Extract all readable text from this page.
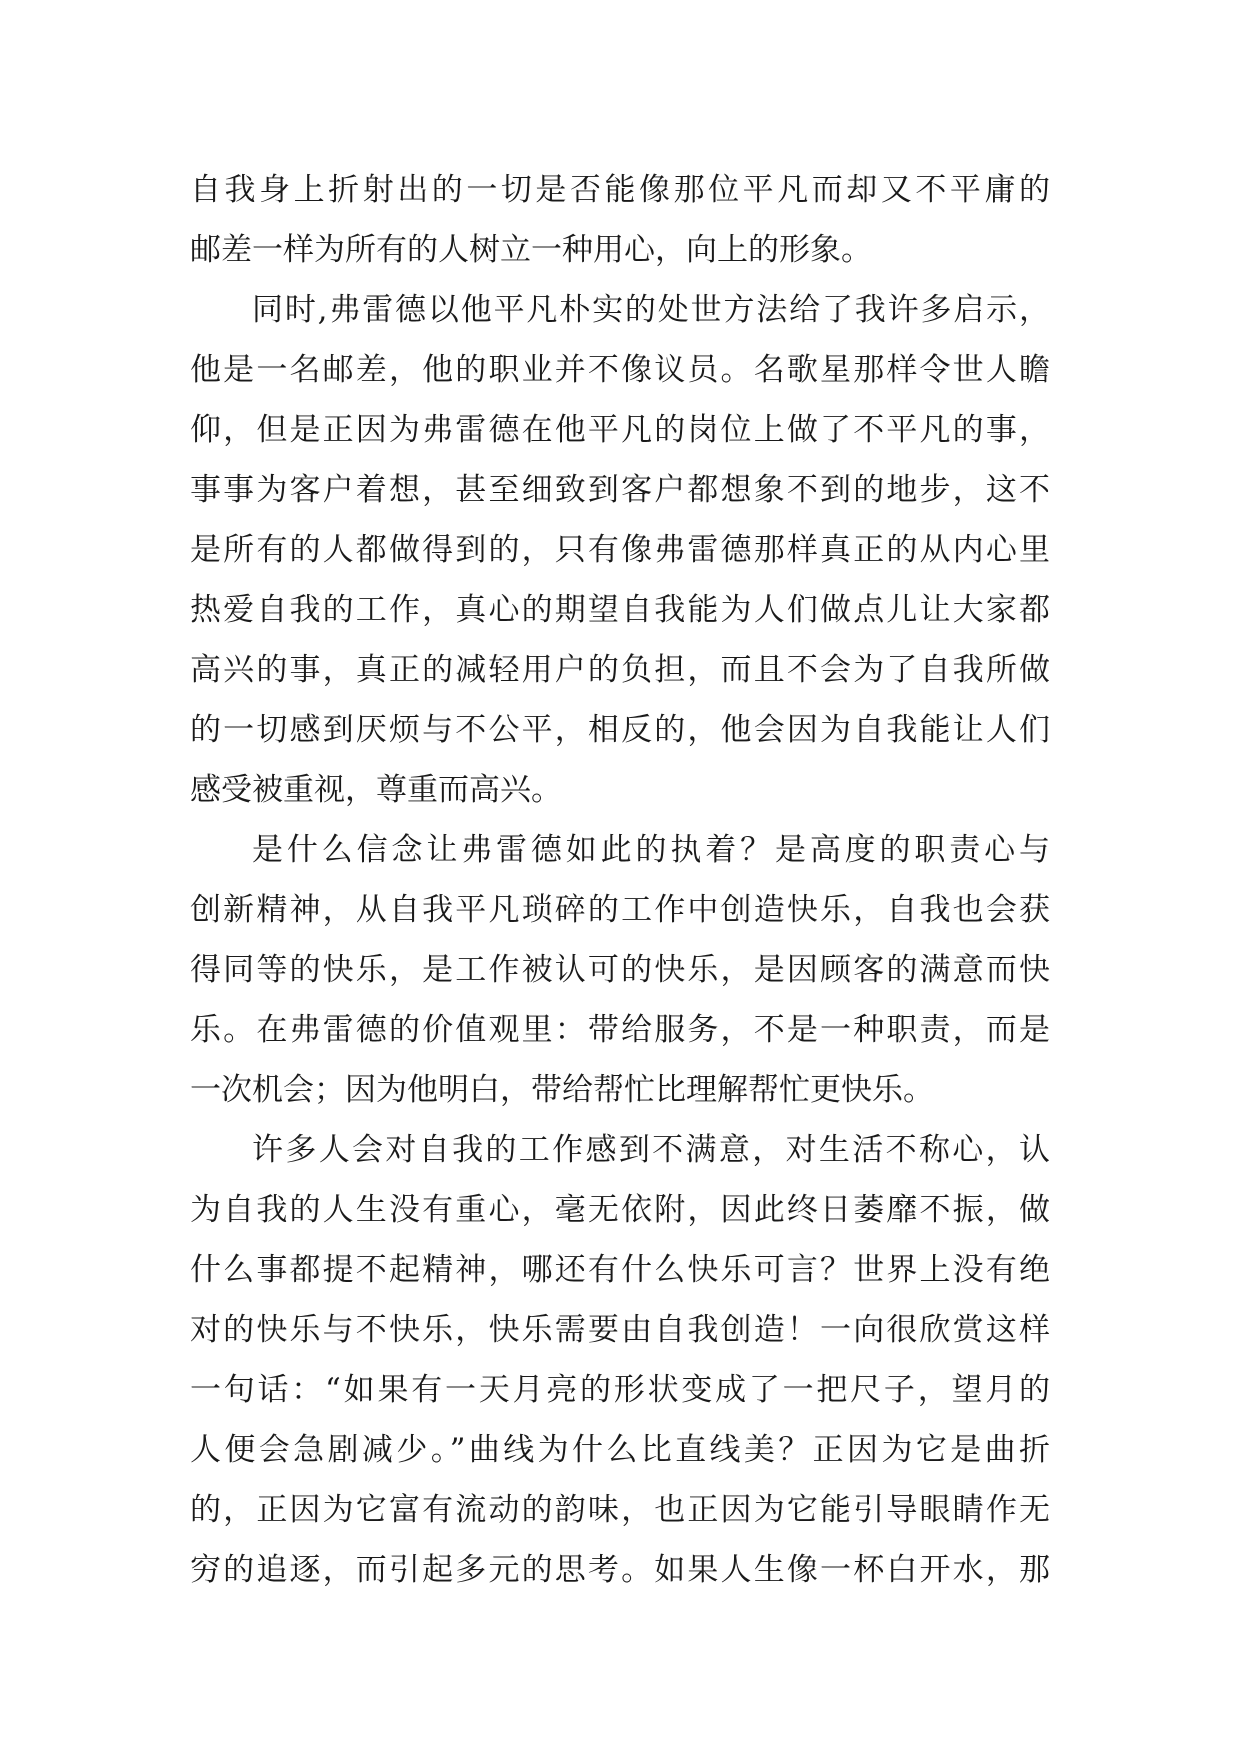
自我身上折射出的一切是否能像那位平凡而却又不平庸的
邮差一样为所有的人树立一种用心，向上的形象。
同时,弗雷德以他平凡朴实的处世方法给了我许多启示，
他是一名邮差，他的职业并不像议员。名歌星那样令世人瞻
仰，但是正因为弗雷德在他平凡的岗位上做了不平凡的事，
事事为客户着想，甚至细致到客户都想象不到的地步，这不
是所有的人都做得到的，只有像弗雷德那样真正的从内心里
热爱自我的工作，真心的期望自我能为人们做点儿让大家都
高兴的事，真正的减轻用户的负担，而且不会为了自我所做
的一切感到厌烦与不公平，相反的，他会因为自我能让人们
感受被重视，尊重而高兴。
是什么信念让弗雷德如此的执着？是高度的职责心与
创新精神，从自我平凡琐碎的工作中创造快乐，自我也会获
得同等的快乐，是工作被认可的快乐，是因顾客的满意而快
乐。在弗雷德的价值观里：带给服务，不是一种职责，而是
一次机会；因为他明白，带给帮忙比理解帮忙更快乐。
许多人会对自我的工作感到不满意，对生活不称心，认
为自我的人生没有重心，毫无依附，因此终日萎靡不振，做
什么事都提不起精神，哪还有什么快乐可言？世界上没有绝
对的快乐与不快乐，快乐需要由自我创造！一向很欣赏这样
一句话：“如果有一天月亮的形状变成了一把尺子，望月的
人便会急剧减少。”曲线为什么比直线美？正因为它是曲折
的，正因为它富有流动的韵味，也正因为它能引导眼睛作无
穷的追逐，而引起多元的思考。如果人生像一杯白开水，那
